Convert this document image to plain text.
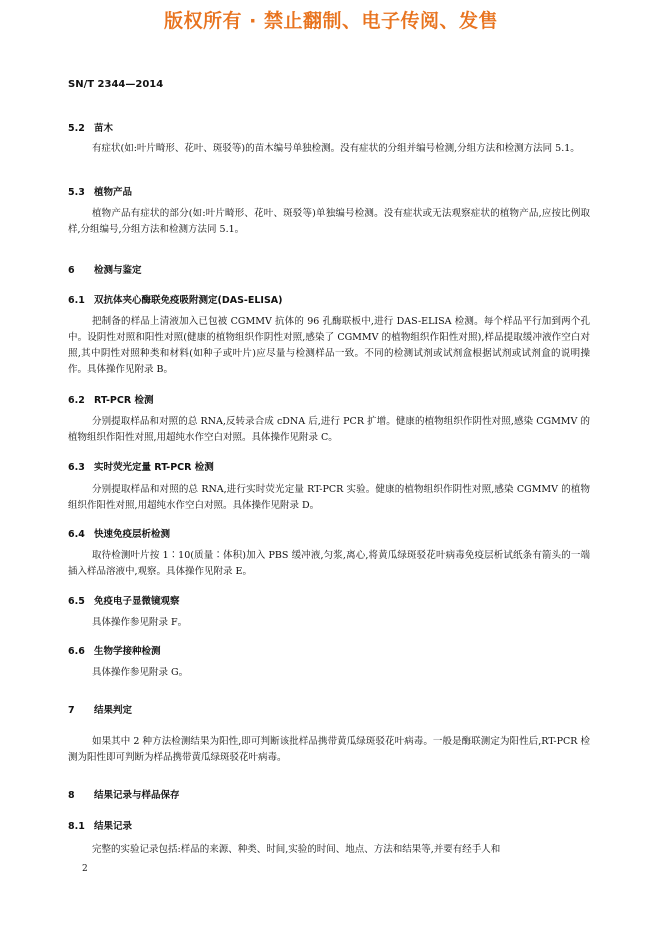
版权所有 · 禁止翻制、电子传阅、发售
SN/T 2344—2014
5.2 苗木

有症状(如:叶片畸形、花叶、斑驳等)的苗木编号单独检测。没有症状的分组并编号检测,分组方法和检测方法同 5.1。

5.3 植物产品

植物产品有症状的部分(如:叶片畸形、花叶、斑驳等)单独编号检测。没有症状或无法观察症状的植物产品,应按比例取样,分组编号,分组方法和检测方法同 5.1。

6 检测与鉴定
6.1 双抗体夹心酶联免疫吸附测定(DAS-ELISA)

把制备的样品上清液加入已包被 CGMMV 抗体的 96 孔酶联板中,进行 DAS-ELISA 检测。每个样品平行加到两个孔中。设阴性对照和阳性对照(健康的植物组织作阴性对照,感染了 CGMMV 的植物组织作阳性对照),样品提取缓冲液作空白对照,其中阴性对照种类和材料(如种子或叶片)应尽量与检测样品一致。不同的检测试剂或试剂盒根据试剂或试剂盒的说明操作。具体操作见附录 B。

6.2 RT-PCR 检测

分别提取样品和对照的总 RNA,反转录合成 cDNA 后,进行 PCR 扩增。健康的植物组织作阴性对照,感染 CGMMV 的植物组织作阳性对照,用超纯水作空白对照。具体操作见附录 C。

6.3 实时荧光定量 RT-PCR 检测

分别提取样品和对照的总 RNA,进行实时荧光定量 RT-PCR 实验。健康的植物组织作阴性对照,感染 CGMMV 的植物组织作阳性对照,用超纯水作空白对照。具体操作见附录 D。

6.4 快速免疫层析检测

取待检测叶片按 1∶10(质量∶体积)加入 PBS 缓冲液,匀浆,离心,将黄瓜绿斑驳花叶病毒免疫层析试纸条有箭头的一端插入样品溶液中,观察。具体操作见附录 E。

6.5 免疫电子显微镜观察

具体操作参见附录 F。

6.6 生物学接种检测

具体操作参见附录 G。

7 结果判定

如果其中 2 种方法检测结果为阳性,即可判断该批样品携带黄瓜绿斑驳花叶病毒。一般是酶联测定为阳性后,RT-PCR 检测为阳性即可判断为样品携带黄瓜绿斑驳花叶病毒。

8 结果记录与样品保存
8.1 结果记录

完整的实验记录包括:样品的来源、种类、时间,实验的时间、地点、方法和结果等,并要有经手人和

2
